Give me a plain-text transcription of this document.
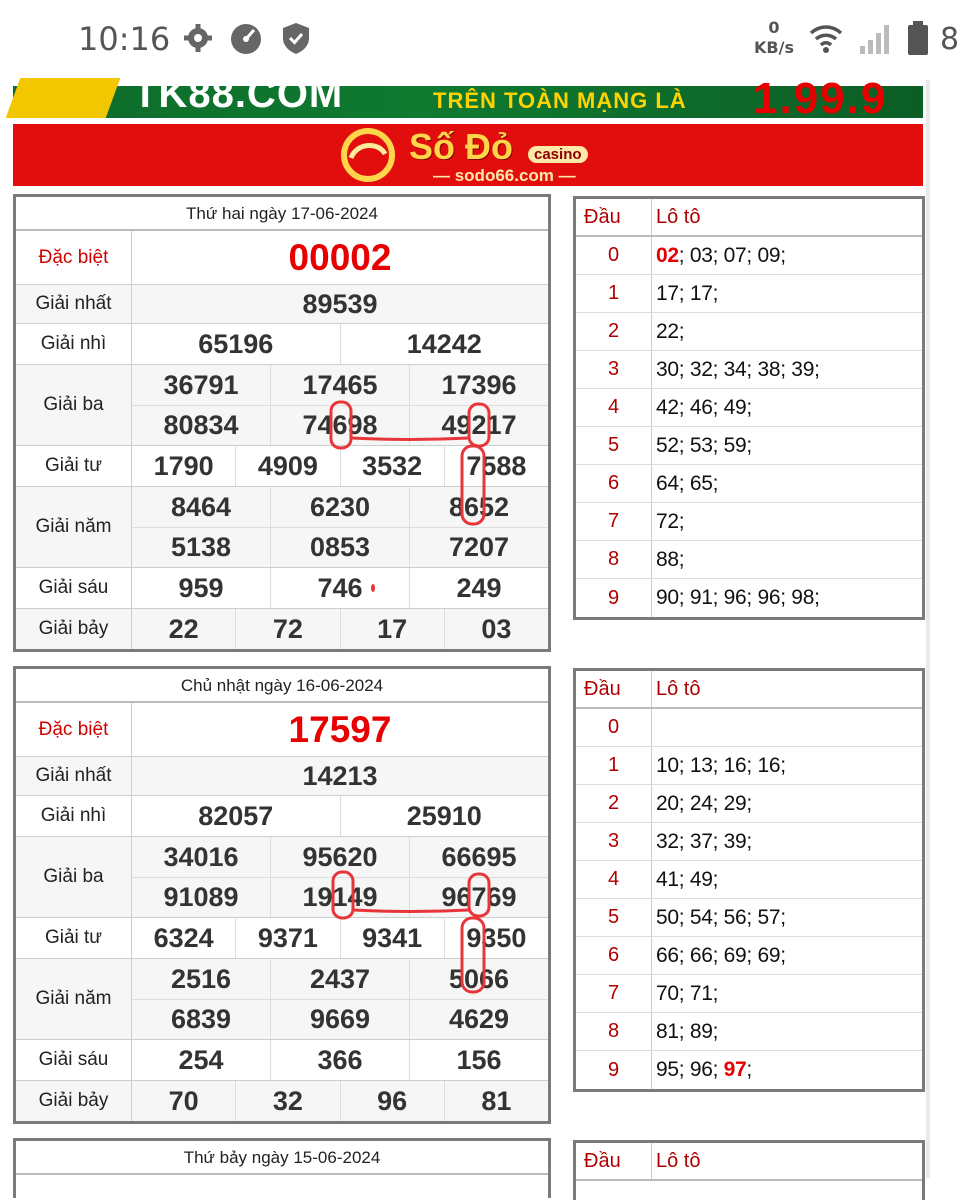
10:16	0
KB/s	8
TK88.COM	TRÊN TOÀN MẠNG LÀ 1.99.9
Số Đỏ	casino
— sodo66.com —
Thứ hai ngày 17-06-2024
Đặc biệt	00002
Giải nhất	89539
Giải nhì	65196	14242
Giải ba
36791	17465	17396
80834	74698	49217
Giải tư	1790	4909	3532	7588
Giải năm
8464	6230	8652
5138	0853	7207
Giải sáu	959	746	249
Giải bảy	22	72	17	03
Đầu	Lô tô
0	02; 03; 07; 09;
1	17; 17;
2	22;
3	30; 32; 34; 38; 39;
4	42; 46; 49;
5	52; 53; 59;
6	64; 65;
7	72;
8	88;
9	90; 91; 96; 96; 98;
Chủ nhật ngày 16-06-2024
Đặc biệt	17597
Giải nhất	14213
Giải nhì	82057	25910
Giải ba
34016	95620	66695
91089	19149	96769
Giải tư	6324	9371	9341	9350
Giải năm
2516	2437	5066
6839	9669	4629
Giải sáu	254	366	156
Giải bảy	70	32	96	81
Đầu	Lô tô
0
1	10; 13; 16; 16;
2	20; 24; 29;
3	32; 37; 39;
4	41; 49;
5	50; 54; 56; 57;
6	66; 66; 69; 69;
7	70; 71;
8	81; 89;
9	95; 96; 97;
Thứ bảy ngày 15-06-2024	Đầu	Lô tô
